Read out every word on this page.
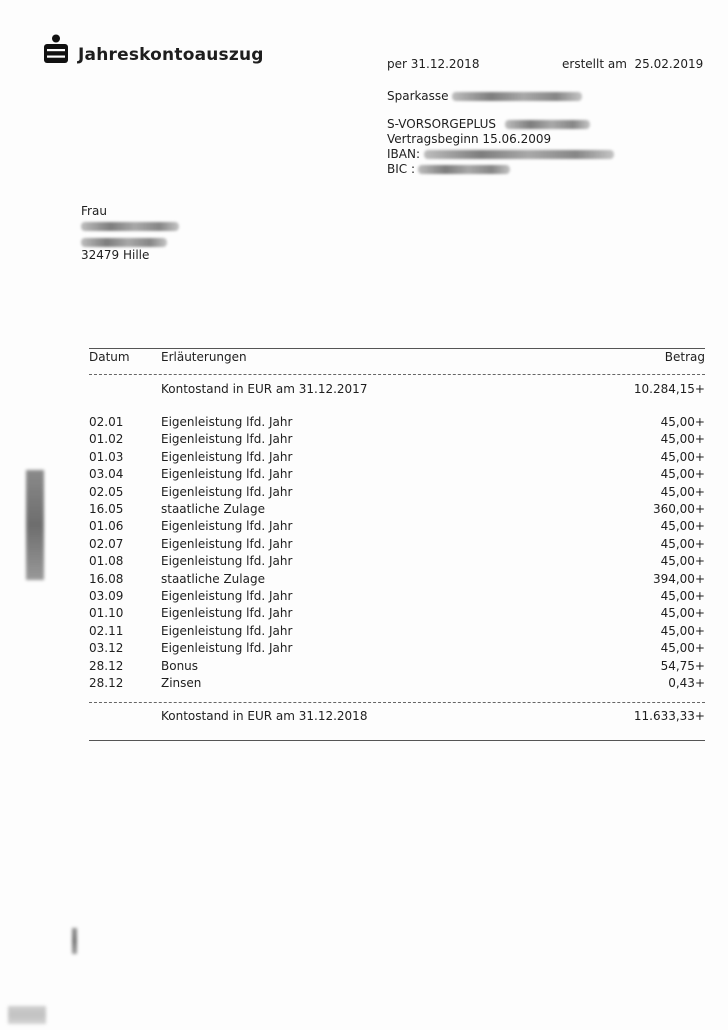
Jahreskontoauszug	per 31.12.2018	erstellt am 25.02.2019
Sparkasse
S-VORSORGEPLUS
Vertragsbeginn 15.06.2009
IBAN:
BIC :
Frau
32479 Hille
Datum	Erläuterungen	Betrag
Kontostand in EUR am 31.12.2017	10.284,15+
02.01	Eigenleistung lfd. Jahr	45,00+
01.02	Eigenleistung lfd. Jahr	45,00+
01.03	Eigenleistung lfd. Jahr	45,00+
03.04	Eigenleistung lfd. Jahr	45,00+
02.05	Eigenleistung lfd. Jahr	45,00+
16.05	staatliche Zulage	360,00+
01.06	Eigenleistung lfd. Jahr	45,00+
02.07	Eigenleistung lfd. Jahr	45,00+
01.08	Eigenleistung lfd. Jahr	45,00+
16.08	staatliche Zulage	394,00+
03.09	Eigenleistung lfd. Jahr	45,00+
01.10	Eigenleistung lfd. Jahr	45,00+
02.11	Eigenleistung lfd. Jahr	45,00+
03.12	Eigenleistung lfd. Jahr	45,00+
28.12	Bonus	54,75+
28.12	Zinsen	0,43+
Kontostand in EUR am 31.12.2018	11.633,33+
